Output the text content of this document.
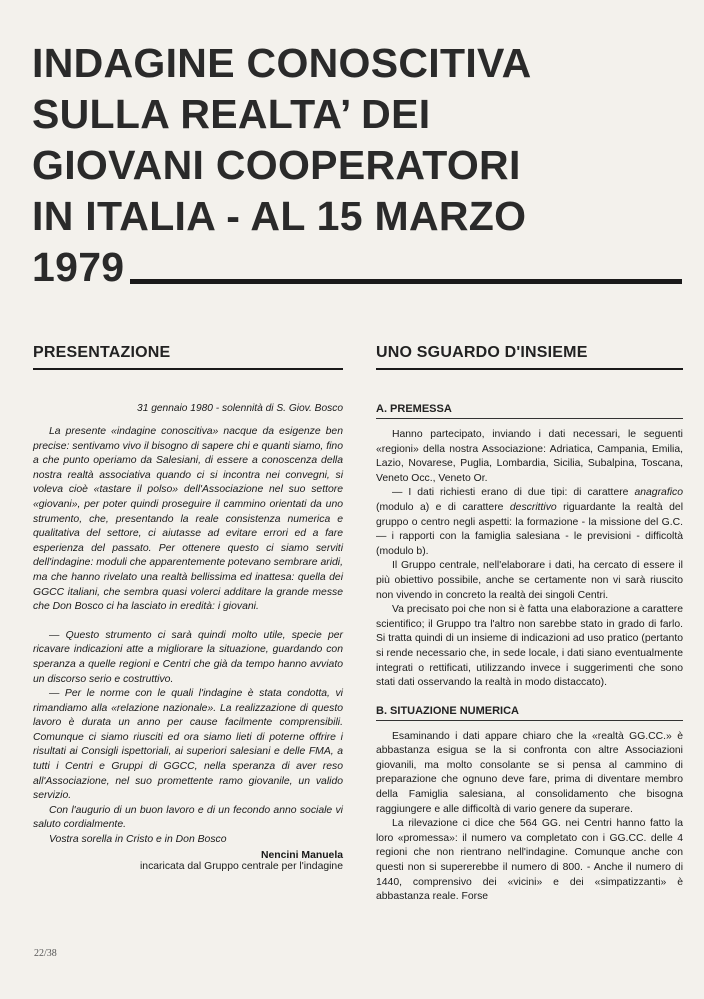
INDAGINE CONOSCITIVA
SULLA REALTA’ DEI
GIOVANI COOPERATORI
IN ITALIA - AL 15 MARZO
1979
PRESENTAZIONE

31 gennaio 1980 - solennità di S. Giov. Bosco

La presente «indagine conoscitiva» nacque da esigenze ben precise: sentivamo vivo il bisogno di sapere chi e quanti siamo, fino a che punto operiamo da Salesiani, di essere a conoscenza della nostra realtà associativa quando ci si incontra nei convegni, si voleva cioè «tastare il polso» dell'Associazione nel suo settore «giovani», per poter quindi proseguire il cammino orientati da uno strumento, che, presentando la reale consistenza numerica e qualitativa del settore, ci aiutasse ad evitare errori ed a fare esperienza del passato. Per ottenere questo ci siamo serviti dell'indagine: moduli che apparentemente potevano sembrare aridi, ma che hanno rivelato una realtà bellissima ed inattesa: quella dei GGCC italiani, che sembra quasi volerci additare la grande messe che Don Bosco ci ha lasciato in eredità: i giovani.

— Questo strumento ci sarà quindi molto utile, specie per ricavare indicazioni atte a migliorare la situazione, guardando con speranza a quelle regioni e Centri che già da tempo hanno avviato un discorso serio e costruttivo.

— Per le norme con le quali l'indagine è stata condotta, vi rimandiamo alla «relazione nazionale». La realizzazione di questo lavoro è durata un anno per cause facilmente comprensibili. Comunque ci siamo riusciti ed ora siamo lieti di poterne offrire i risultati ai Consigli ispettoriali, ai superiori salesiani e delle FMA, a tutti i Centri e Gruppi di GGCC, nella speranza di aver reso all'Associazione, nel suo promettente ramo giovanile, un valido servizio.

Con l'augurio di un buon lavoro e di un fecondo anno sociale vi saluto cordialmente.

Vostra sorella in Cristo e in Don Bosco

Nencini Manuela

incaricata dal Gruppo centrale per l'indagine

UNO SGUARDO D'INSIEME

A. PREMESSA

Hanno partecipato, inviando i dati necessari, le seguenti «regioni» della nostra Associazione: Adriatica, Campania, Emilia, Lazio, Novarese, Puglia, Lombardia, Sicilia, Subalpina, Toscana, Veneto Occ., Veneto Or.

— I dati richiesti erano di due tipi: di carattere anagrafico (modulo a) e di carattere descrittivo riguardante la realtà del gruppo o centro negli aspetti: la formazione - la missione del G.C. — i rapporti con la famiglia salesiana - le previsioni - difficoltà (modulo b).

Il Gruppo centrale, nell'elaborare i dati, ha cercato di essere il più obiettivo possibile, anche se certamente non vi sarà riuscito non vivendo in concreto la realtà dei singoli Centri.

Va precisato poi che non si è fatta una elaborazione a carattere scientifico; il Gruppo tra l'altro non sarebbe stato in grado di farlo. Si tratta quindi di un insieme di indicazioni ad uso pratico (pertanto si rende necessario che, in sede locale, i dati siano eventualmente integrati o rettificati, utilizzando invece i suggerimenti che sono stati dati osservando la realtà in modo distaccato).

B. SITUAZIONE NUMERICA

Esaminando i dati appare chiaro che la «realtà GG.CC.» è abbastanza esigua se la si confronta con altre Associazioni giovanili, ma molto consolante se si pensa al cammino di preparazione che ognuno deve fare, prima di diventare membro della Famiglia salesiana, al consolidamento che bisogna raggiungere e alle difficoltà di vario genere da superare.

La rilevazione ci dice che 564 GG. nei Centri hanno fatto la loro «promessa»: il numero va completato con i GG.CC. delle 4 regioni che non rientrano nell'indagine. Comunque anche con questi non si supererebbe il numero di 800. - Anche il numero di 1440, comprensivo dei «vicini» e dei «simpatizzanti» è abbastanza reale. Forse

22/38
